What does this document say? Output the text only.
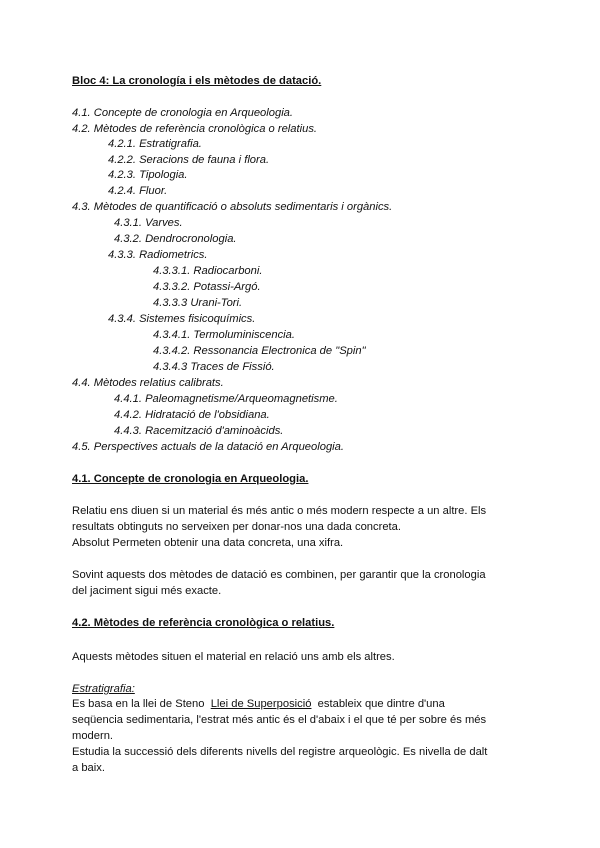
Bloc 4: La cronología i els mètodes de datació.
4.1. Concepte de cronologia en Arqueologia.
4.2. Mètodes de referència cronològica o relatius.
4.2.1. Estratigrafia.
4.2.2. Seracions de fauna i flora.
4.2.3. Tipologia.
4.2.4. Fluor.
4.3. Mètodes de quantificació o absoluts sedimentaris i orgànics.
4.3.1. Varves.
4.3.2. Dendrocronologia.
4.3.3. Radiometrics.
4.3.3.1. Radiocarboni.
4.3.3.2. Potassi-Argó.
4.3.3.3 Urani-Tori.
4.3.4. Sistemes fisicoquímics.
4.3.4.1. Termoluminiscencia.
4.3.4.2. Ressonancia Electronica de "Spin"
4.3.4.3 Traces de Fissió.
4.4. Mètodes relatius calibrats.
4.4.1. Paleomagnetisme/Arqueomagnetisme.
4.4.2. Hidratació de l'obsidiana.
4.4.3. Racemització d'aminoàcids.
4.5. Perspectives actuals de la datació en Arqueologia.
4.1. Concepte de cronologia en Arqueologia.
Relatiu ens diuen si un material és més antic o més modern respecte a un altre. Els
resultats obtinguts no serveixen per donar-nos una dada concreta.
Absolut Permeten obtenir una data concreta, una xifra.
Sovint aquests dos mètodes de datació es combinen, per garantir que la cronologia
del jaciment sigui més exacte.
4.2. Mètodes de referència cronològica o relatius.
Aquests mètodes situen el material en relació uns amb els altres.
Estratigrafia:
Es basa en la llei de Steno  Llei de Superposició  estableix que dintre d'una
seqüencia sedimentaria, l'estrat més antic és el d'abaix i el que té per sobre és més
modern.
Estudia la successió dels diferents nivells del registre arqueològic. Es nivella de dalt
a baix.
